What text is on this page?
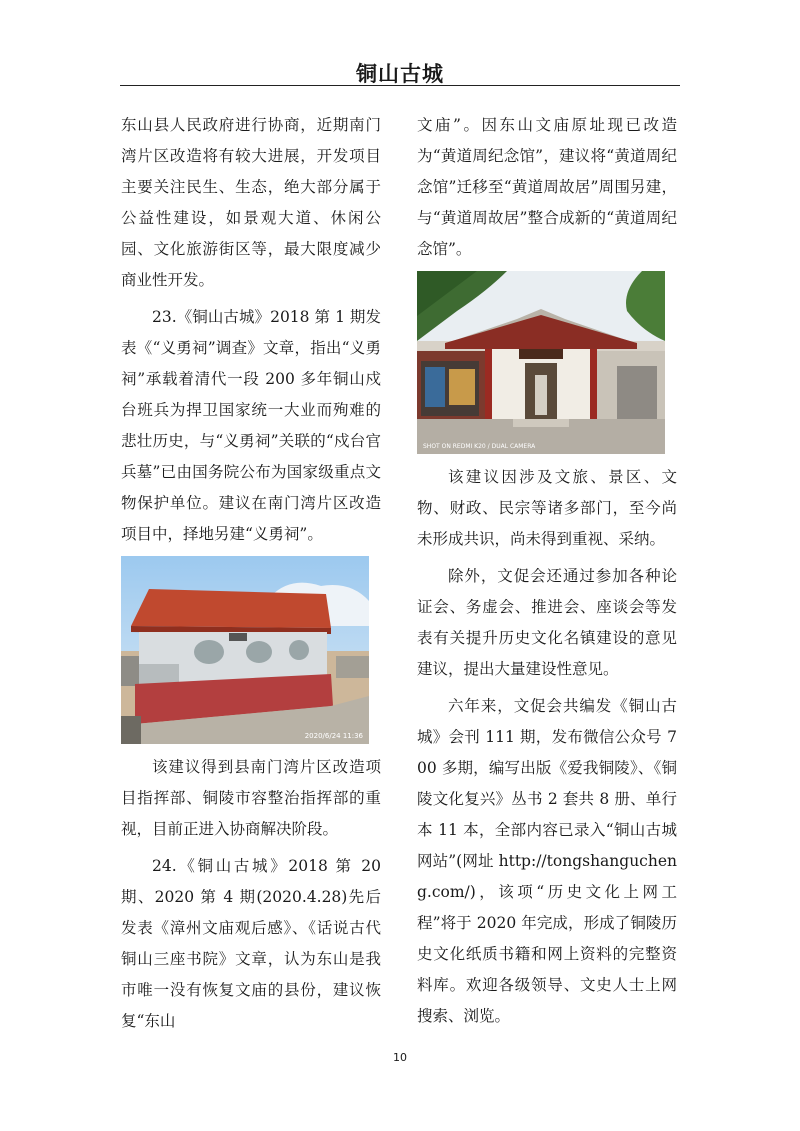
铜山古城

东山县人民政府进行协商，近期南门湾片区改造将有较大进展，开发项目主要关注民生、生态，绝大部分属于公益性建设，如景观大道、休闲公园、文化旅游街区等，最大限度减少商业性开发。

23.《铜山古城》2018 第 1 期发表《“义勇祠”调查》文章，指出“义勇祠”承载着清代一段 200 多年铜山戍台班兵为捍卫国家统一大业而殉难的悲壮历史，与“义勇祠”关联的“戍台官兵墓”已由国务院公布为国家级重点文物保护单位。建议在南门湾片区改造项目中，择地另建“义勇祠”。

2020/6/24 11:36

该建议得到县南门湾片区改造项目指挥部、铜陵市容整治指挥部的重视，目前正进入协商解决阶段。

24.《铜山古城》2018 第 20 期、2020 第 4 期(2020.4.28)先后发表《漳州文庙观后感》、《话说古代铜山三座书院》文章，认为东山是我市唯一没有恢复文庙的县份，建议恢复“东山

文庙”。因东山文庙原址现已改造为“黄道周纪念馆”，建议将“黄道周纪念馆”迁移至“黄道周故居”周围另建，与“黄道周故居”整合成新的“黄道周纪念馆”。

SHOT ON REDMI K20 / DUAL CAMERA

该建议因涉及文旅、景区、文物、财政、民宗等诸多部门，至今尚未形成共识，尚未得到重视、采纳。

除外，文促会还通过参加各种论证会、务虚会、推进会、座谈会等发表有关提升历史文化名镇建设的意见建议，提出大量建设性意见。

六年来，文促会共编发《铜山古城》会刊 111 期，发布微信公众号 700 多期，编写出版《爱我铜陵》、《铜陵文化复兴》丛书 2 套共 8 册、单行本 11 本，全部内容已录入“铜山古城网站”(网址 http://tongshangucheng.com/)，该项“历史文化上网工程”将于 2020 年完成，形成了铜陵历史文化纸质书籍和网上资料的完整资料库。欢迎各级领导、文史人士上网搜索、浏览。

10
